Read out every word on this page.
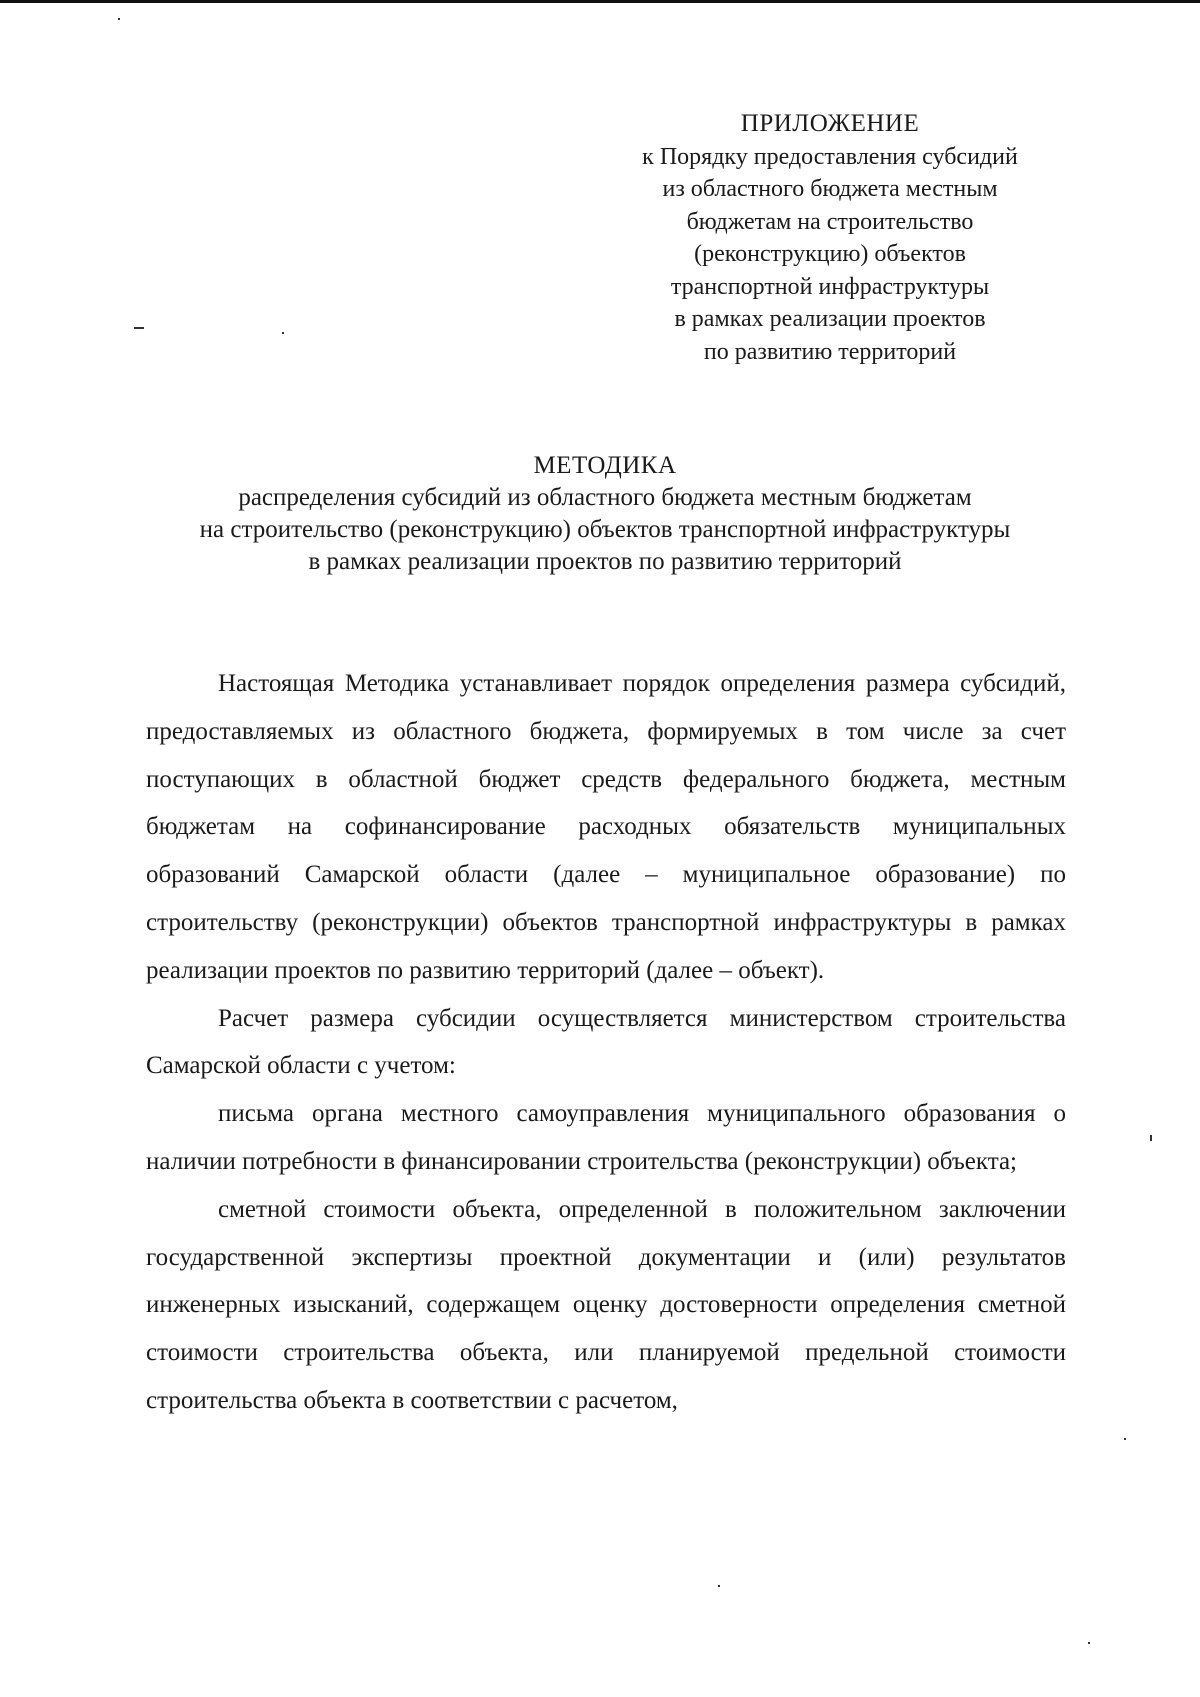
ПРИЛОЖЕНИЕ
к Порядку предоставления субсидий
из областного бюджета местным
бюджетам на строительство
(реконструкцию) объектов
транспортной инфраструктуры
в рамках реализации проектов
по развитию территорий
МЕТОДИКА
распределения субсидий из областного бюджета местным бюджетам
на строительство (реконструкцию) объектов транспортной инфраструктуры
в рамках реализации проектов по развитию территорий

Настоящая Методика устанавливает порядок определения размера субсидий, предоставляемых из областного бюджета, формируемых в том числе за счет поступающих в областной бюджет средств федерального бюджета, местным бюджетам на софинансирование расходных обязательств муниципальных образований Самарской области (далее – муниципальное образование) по строительству (реконструкции) объектов транспортной инфраструктуры в рамках реализации проектов по развитию территорий (далее – объект).

Расчет размера субсидии осуществляется министерством строительства Самарской области с учетом:

письма органа местного самоуправления муниципального образования о наличии потребности в финансировании строительства (реконструкции) объекта;

сметной стоимости объекта, определенной в положительном заключении государственной экспертизы проектной документации и (или) результатов инженерных изысканий, содержащем оценку достоверности определения сметной стоимости строительства объекта, или планируемой предельной стоимости строительства объекта в соответствии с расчетом,
